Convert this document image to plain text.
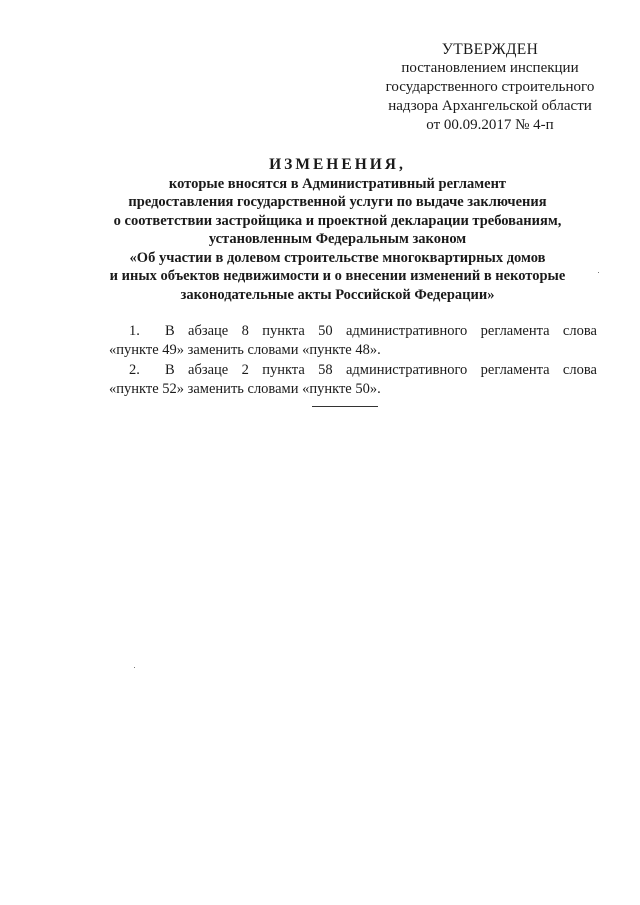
УТВЕРЖДЕН
постановлением инспекции
государственного строительного
надзора Архангельской области
от 00.09.2017 № 4-п
ИЗМЕНЕНИЯ,
которые вносятся в Административный регламент
предоставления государственной услуги по выдаче заключения
о соответствии застройщика и проектной декларации требованиям,
установленным Федеральным законом
«Об участии в долевом строительстве многоквартирных домов
и иных объектов недвижимости и о внесении изменений в некоторые
законодательные акты Российской Федерации»
1. В абзаце 8 пункта 50 административного регламента слова
«пункте 49» заменить словами «пункте 48».
2. В абзаце 2 пункта 58 административного регламента слова
«пункте 52» заменить словами «пункте 50».
